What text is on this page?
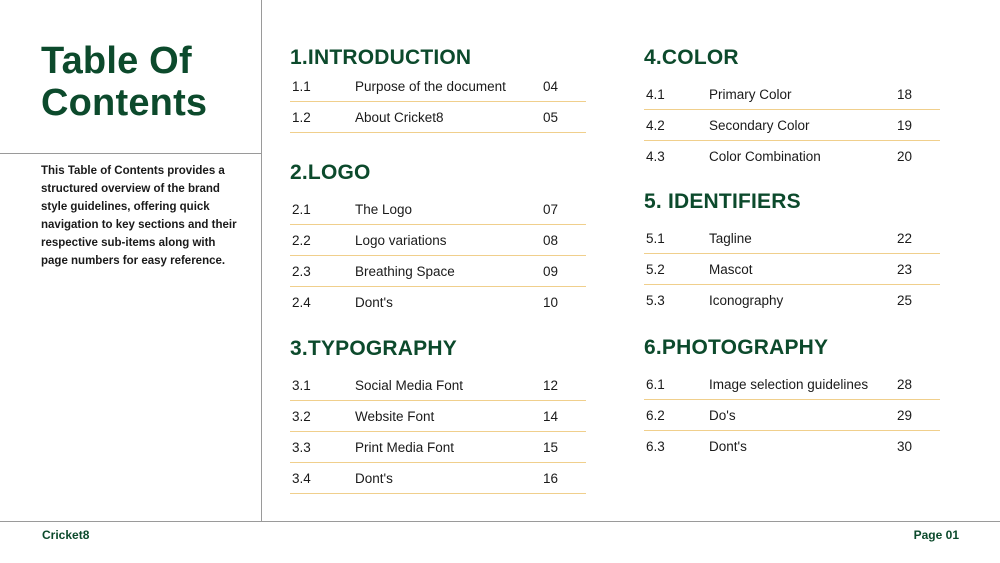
Table Of
Contents

This Table of Contents provides a structured overview of the brand style guidelines, offering quick navigation to key sections and their respective sub-items along with page numbers for easy reference.

1.INTRODUCTION
1.1	Purpose of the document	04
1.2	About Cricket8	05
2.LOGO
2.1	The Logo	07
2.2	Logo variations	08
2.3	Breathing Space	09
2.4	Dont's	10
3.TYPOGRAPHY
3.1	Social Media Font	12
3.2	Website Font	14
3.3	Print Media Font	15
3.4	Dont's	16
4.COLOR
4.1	Primary Color	18
4.2	Secondary Color	19
4.3	Color Combination	20
5. IDENTIFIERS
5.1	Tagline	22
5.2	Mascot	23
5.3	Iconography	25
6.PHOTOGRAPHY
6.1	Image selection guidelines 28
6.2	Do's	29
6.3	Dont's	30
Cricket8	Page 01
